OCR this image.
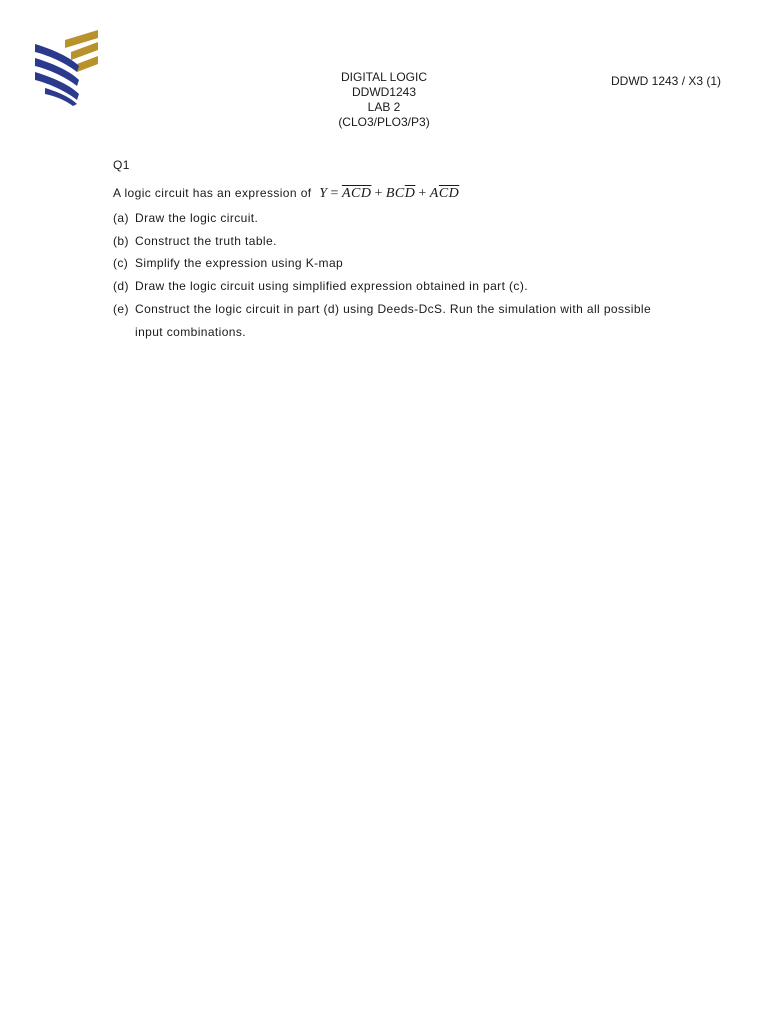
DIGITAL LOGIC
DDWD1243
LAB 2
(CLO3/PLO3/P3)
DDWD 1243 / X3 (1)
Q1
A logic circuit has an expression of $Y = \overline{ACD} + BC\overline{D} + A\overline{CD}$
(a) Draw the logic circuit.
(b) Construct the truth table.
(c) Simplify the expression using K-map
(d) Draw the logic circuit using simplified expression obtained in part (c).
(e) Construct the logic circuit in part (d) using Deeds-DcS. Run the simulation with all possible
input combinations.
